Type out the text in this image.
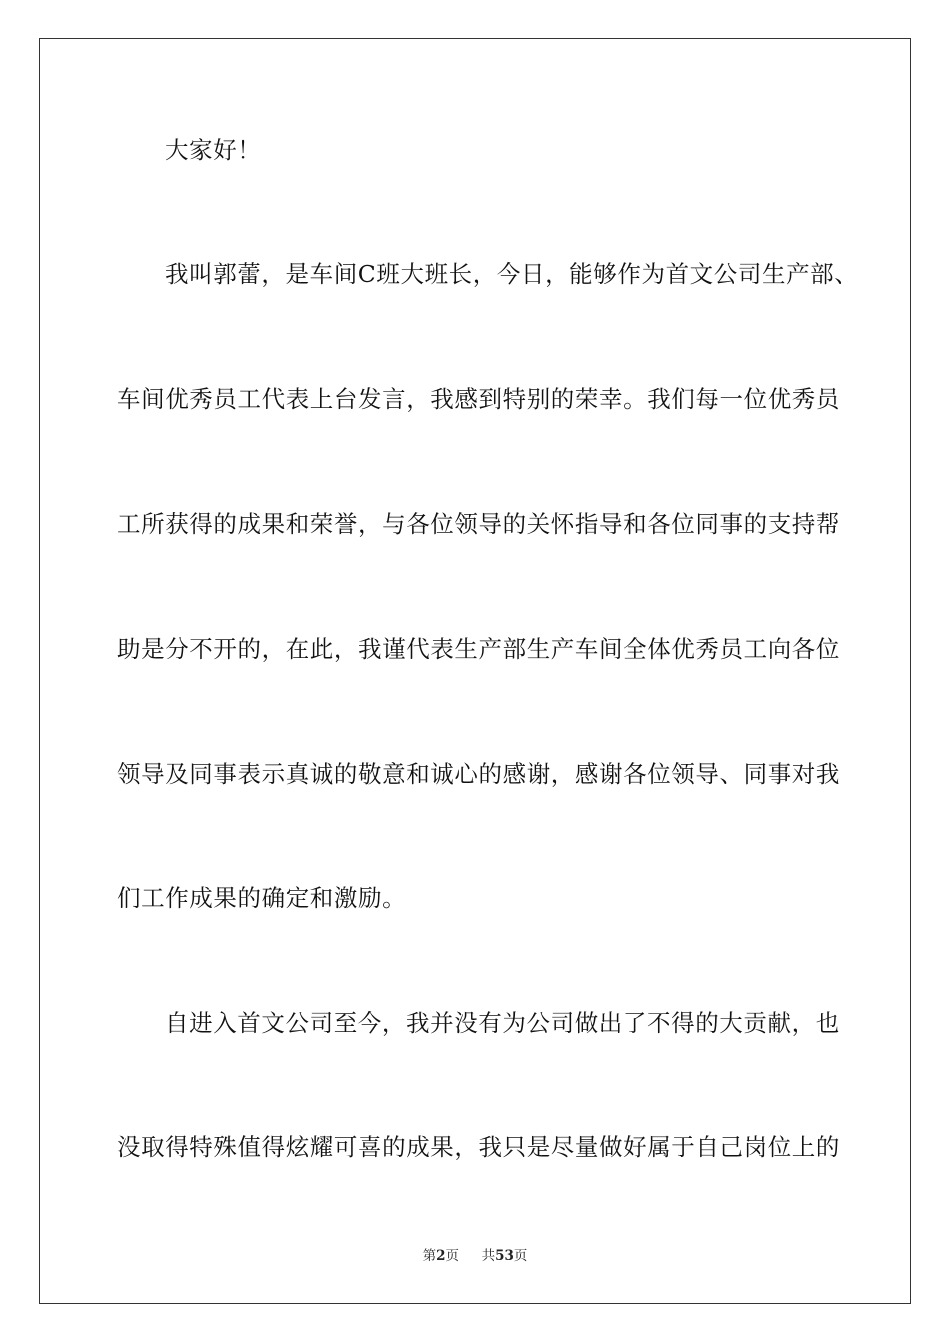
大家好！
我叫郭蕾，是车间C班大班长，今日，能够作为首文公司生产部、
车间优秀员工代表上台发言，我感到特别的荣幸。我们每一位优秀员
工所获得的成果和荣誉，与各位领导的关怀指导和各位同事的支持帮
助是分不开的，在此，我谨代表生产部生产车间全体优秀员工向各位
领导及同事表示真诚的敬意和诚心的感谢，感谢各位领导、同事对我
们工作成果的确定和激励。
自进入首文公司至今，我并没有为公司做出了不得的大贡献，也
没取得特殊值得炫耀可喜的成果，我只是尽量做好属于自己岗位上的
第2页 共53页
